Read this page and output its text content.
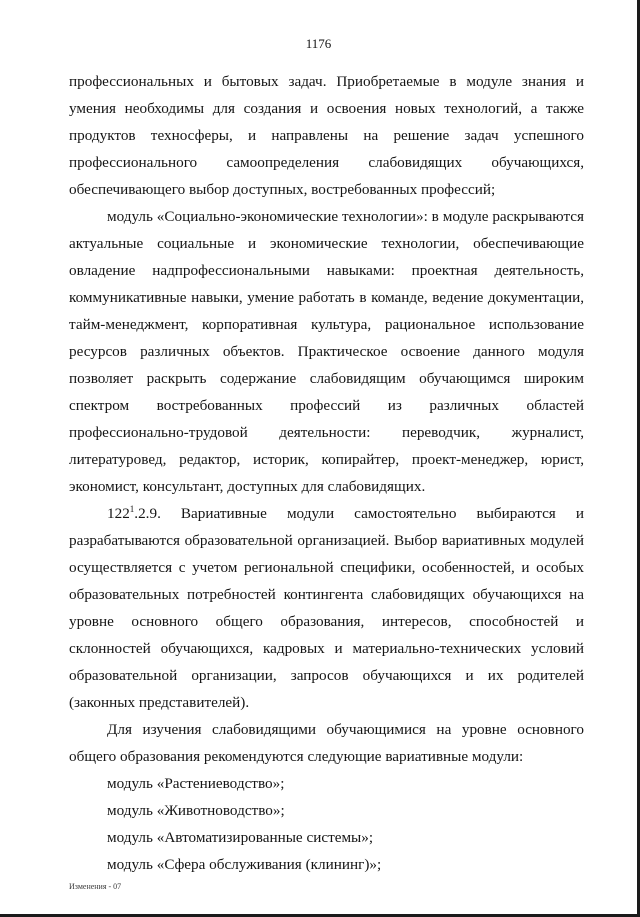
1176

профессиональных и бытовых задач. Приобретаемые в модуле знания и умения необходимы для создания и освоения новых технологий, а также продуктов техносферы, и направлены на решение задач успешного профессионального самоопределения слабовидящих обучающихся, обеспечивающего выбор доступных, востребованных профессий;

модуль «Социально-экономические технологии»: в модуле раскрываются актуальные социальные и экономические технологии, обеспечивающие овладение надпрофессиональными навыками: проектная деятельность, коммуникативные навыки, умение работать в команде, ведение документации, тайм-менеджмент, корпоративная культура, рациональное использование ресурсов различных объектов. Практическое освоение данного модуля позволяет раскрыть содержание слабовидящим обучающимся широким спектром востребованных профессий из различных областей профессионально-трудовой деятельности: переводчик, журналист, литературовед, редактор, историк, копирайтер, проект-менеджер, юрист, экономист, консультант, доступных для слабовидящих.

$122^1.2.9$. Вариативные модули самостоятельно выбираются и разрабатываются образовательной организацией. Выбор вариативных модулей осуществляется с учетом региональной специфики, особенностей, и особых образовательных потребностей контингента слабовидящих обучающихся на уровне основного общего образования, интересов, способностей и склонностей обучающихся, кадровых и материально-технических условий образовательной организации, запросов обучающихся и их родителей (законных представителей).

Для изучения слабовидящими обучающимися на уровне основного общего образования рекомендуются следующие вариативные модули:

модуль «Растениеводство»;

модуль «Животноводство»;

модуль «Автоматизированные системы»;

модуль «Сфера обслуживания (клининг)»;

Изменения - 07
